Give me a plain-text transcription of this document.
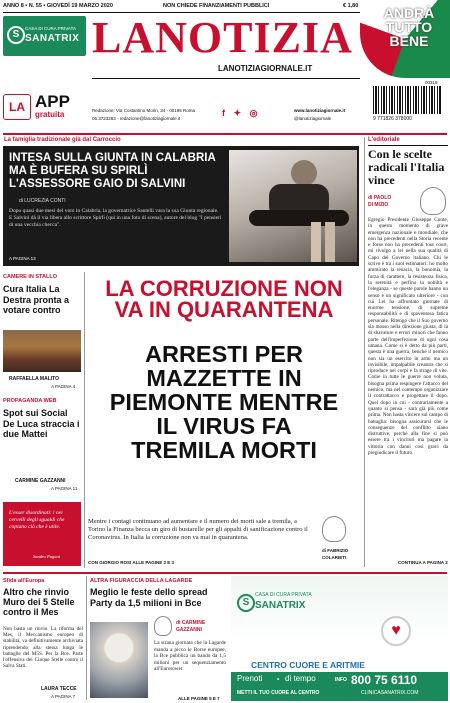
ANNO 8 • N. 55 • GIOVEDÌ 19 MARZO 2020	NON CHIEDE FINANZIAMENTI PUBBLICI	€ 1,80	ANDRÀ
TUTTO
BENE
S
CASA DI CURA PRIVATA
SANATRIX LANOTIZIA
LANOTIZIAGIORNALE.IT
LA APP
gratuita	Redazione: Via Costantino Morin, 34 - 00195 Roma
06.3723283 - redazione@lanotiziagiornale.it
f ✦ ◎	www.lanotiziagiornale.it
@lanotiziagiornale
00319
9 771826 378000
La famiglia tradizionale già dal Carroccio
INTESA SULLA GIUNTA IN CALABRIA MA È BUFERA SU SPIRLÌ L'ASSESSORE GAIO DI SALVINI
di LUCREZIA CONTI
Dopo quasi due mesi del voto in Calabria, la governatrice Santelli vara la sua Giunta regionale. E Salvini dà il via libera allo scrittore Spirlì (qui in una foto di scena), autore del blog "I pensieri di una vecchia checca".
A PAGINA 13
L'editoriale
Con le scelte radicali l'Italia vince
di PAOLO
DI MIZIO
Egregio Presidente Giuseppe Conte, in questo momento di grave emergenza nazionale e mondiale, che non ha precedenti nella Storia recente e forse non ha precedenti tout court, mi rivolgo a lei nella sua qualità di Capo del Governo italiano. Chi le scrive è tra i suoi estimatori: ho molto ammirato la tenacia, la bonomia, la forza di carattere, la resistenza fisica, la serenità e perfino la nobiltà e l'eleganza - se queste parole hanno un senso e un significato ulteriore - con cui Lei ha affrontato giornate di enorme tensione, di supreme responsabilità e di spaventosa fatica personale. Ritengo che il Suo governo sia mosso nella direzione giusta, di là di sbavature e errori minori che fanno parte dell'imperfezione di ogni cosa umana. Come si è detto da più parti, questa è una guerra, benché il nemico non sia un esercito in armi ma un invisibile, impalpabile creatura che si riproduce nei corpi e fa strage di vite. Come in tutte le guerre non voluta, bisogna prima respingere l'attacco del nemico, ma nel contempo organizzare il contrattacco e progettare il dopo. Quel dopo in cui - contrariamente a quanto si pensa - sarà già più come prima. Non basta vincere sul campo di battaglia: bisogna assicurarsi che le conseguenze del conflitto siano distruttive, perché alla fine si può essere tra i vincitori ma pagare la vittoria con danni così gravi da pregiudicare il futuro.
CONTINUA A PAGINA 2
CAMERE IN STALLO
Cura Italia La Destra pronta a votare contro
RAFFAELLA MALITO
A PAGINA 4
PROPAGANDA WEB
Spot sui Social De Luca straccia i due Mattei
CARMINE GAZZANNI
A PAGINA 11
L'esser disordinati: i nei cervelli degli sgualdi che copiano ciò che è utile.
Sandro Pagani
LA CORRUZIONE NON VA IN QUARANTENA
ARRESTI PER MAZZETTE IN PIEMONTE MENTRE IL VIRUS FA TREMILA MORTI
Mentre i contagi continuano ad aumentare e il numero dei morti sale a tremila, a Torino la Finanza becca un giro di bustarelle per gli appalti di sanificazione contro il Coronavirus. In Italia la corruzione non va mai in quarantena.
CON GIORGIO ROSI ALLE PAGINE 2 E 3
di FABRIZIO
COLARIETI
Sfida all'Europa
Altro che rinvio Muro dei 5 Stelle contro il Mes
Non basta un rinvio. La riforma del Mes, il Meccanismo europeo di stabilità, va definitivamente archiviata riprendendo alla stessa lunga le battaglie del M5S. Per la Bce. Parte l'offensiva dei Cinque Stelle contro il Salva Stati.
LAURA TECCE
A PAGINA 7
ALTRA FIGURACCIA DELLA LAGARDE
Meglio le feste dello spread Party da 1,5 milioni in Bce
di CARMINE
GAZZANNI
La strana giornata che la Lagarde manda a picco le Borse europee, la Bce pubblica un bando da 1,5 milioni per un sequenziamento all'Eurotower.
ALLE PAGINE 5 E 7
S
CASA DI CURA PRIVATA
SANATRIX
♥
CENTRO CUORE E ARITMIE
Prenoti ◔ di tempo	INFO 800 75 6110
METTI IL TUO CUORE AL CENTRO	CLINICASANATRIX.COM
